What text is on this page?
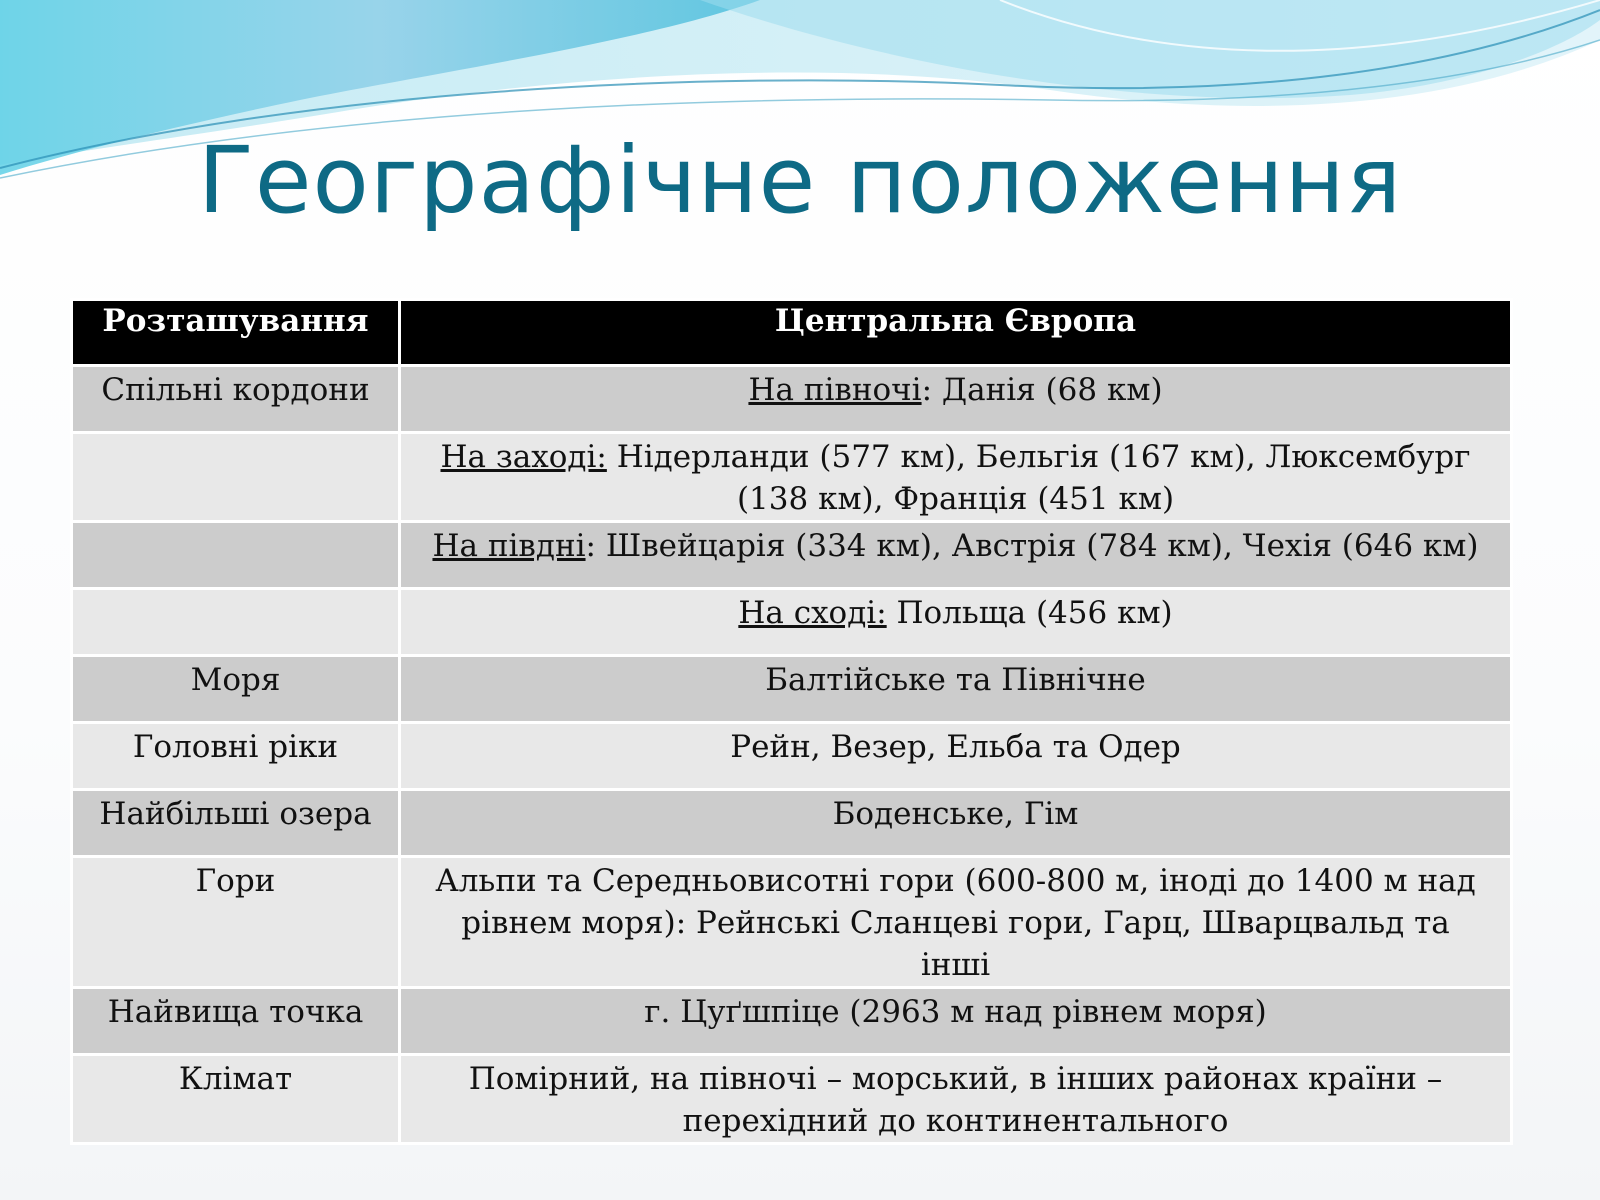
Географічне положення
Розташування	Центральна Європа
Спільні кордони	На півночі: Данія (68 км)
	На заході: Нідерланди (577 км), Бельгія (167 км), Люксембург (138 км), Франція (451 км)
	На півдні: Швейцарія (334 км), Австрія (784 км), Чехія (646 км)
	На сході: Польща (456 км)
Моря	Балтійське та Північне
Головні ріки	Рейн, Везер, Ельба та Одер
Найбільші озера	Боденське, Гім
Гори	Альпи та Середньовисотні гори (600-800 м, іноді до 1400 м над рівнем моря): Рейнські Сланцеві гори, Гарц, Шварцвальд та інші
Найвища точка	г. Цуґшпіце (2963 м над рівнем моря)
Клімат	Помірний, на півночі – морський, в інших районах країни – перехідний до континентального
